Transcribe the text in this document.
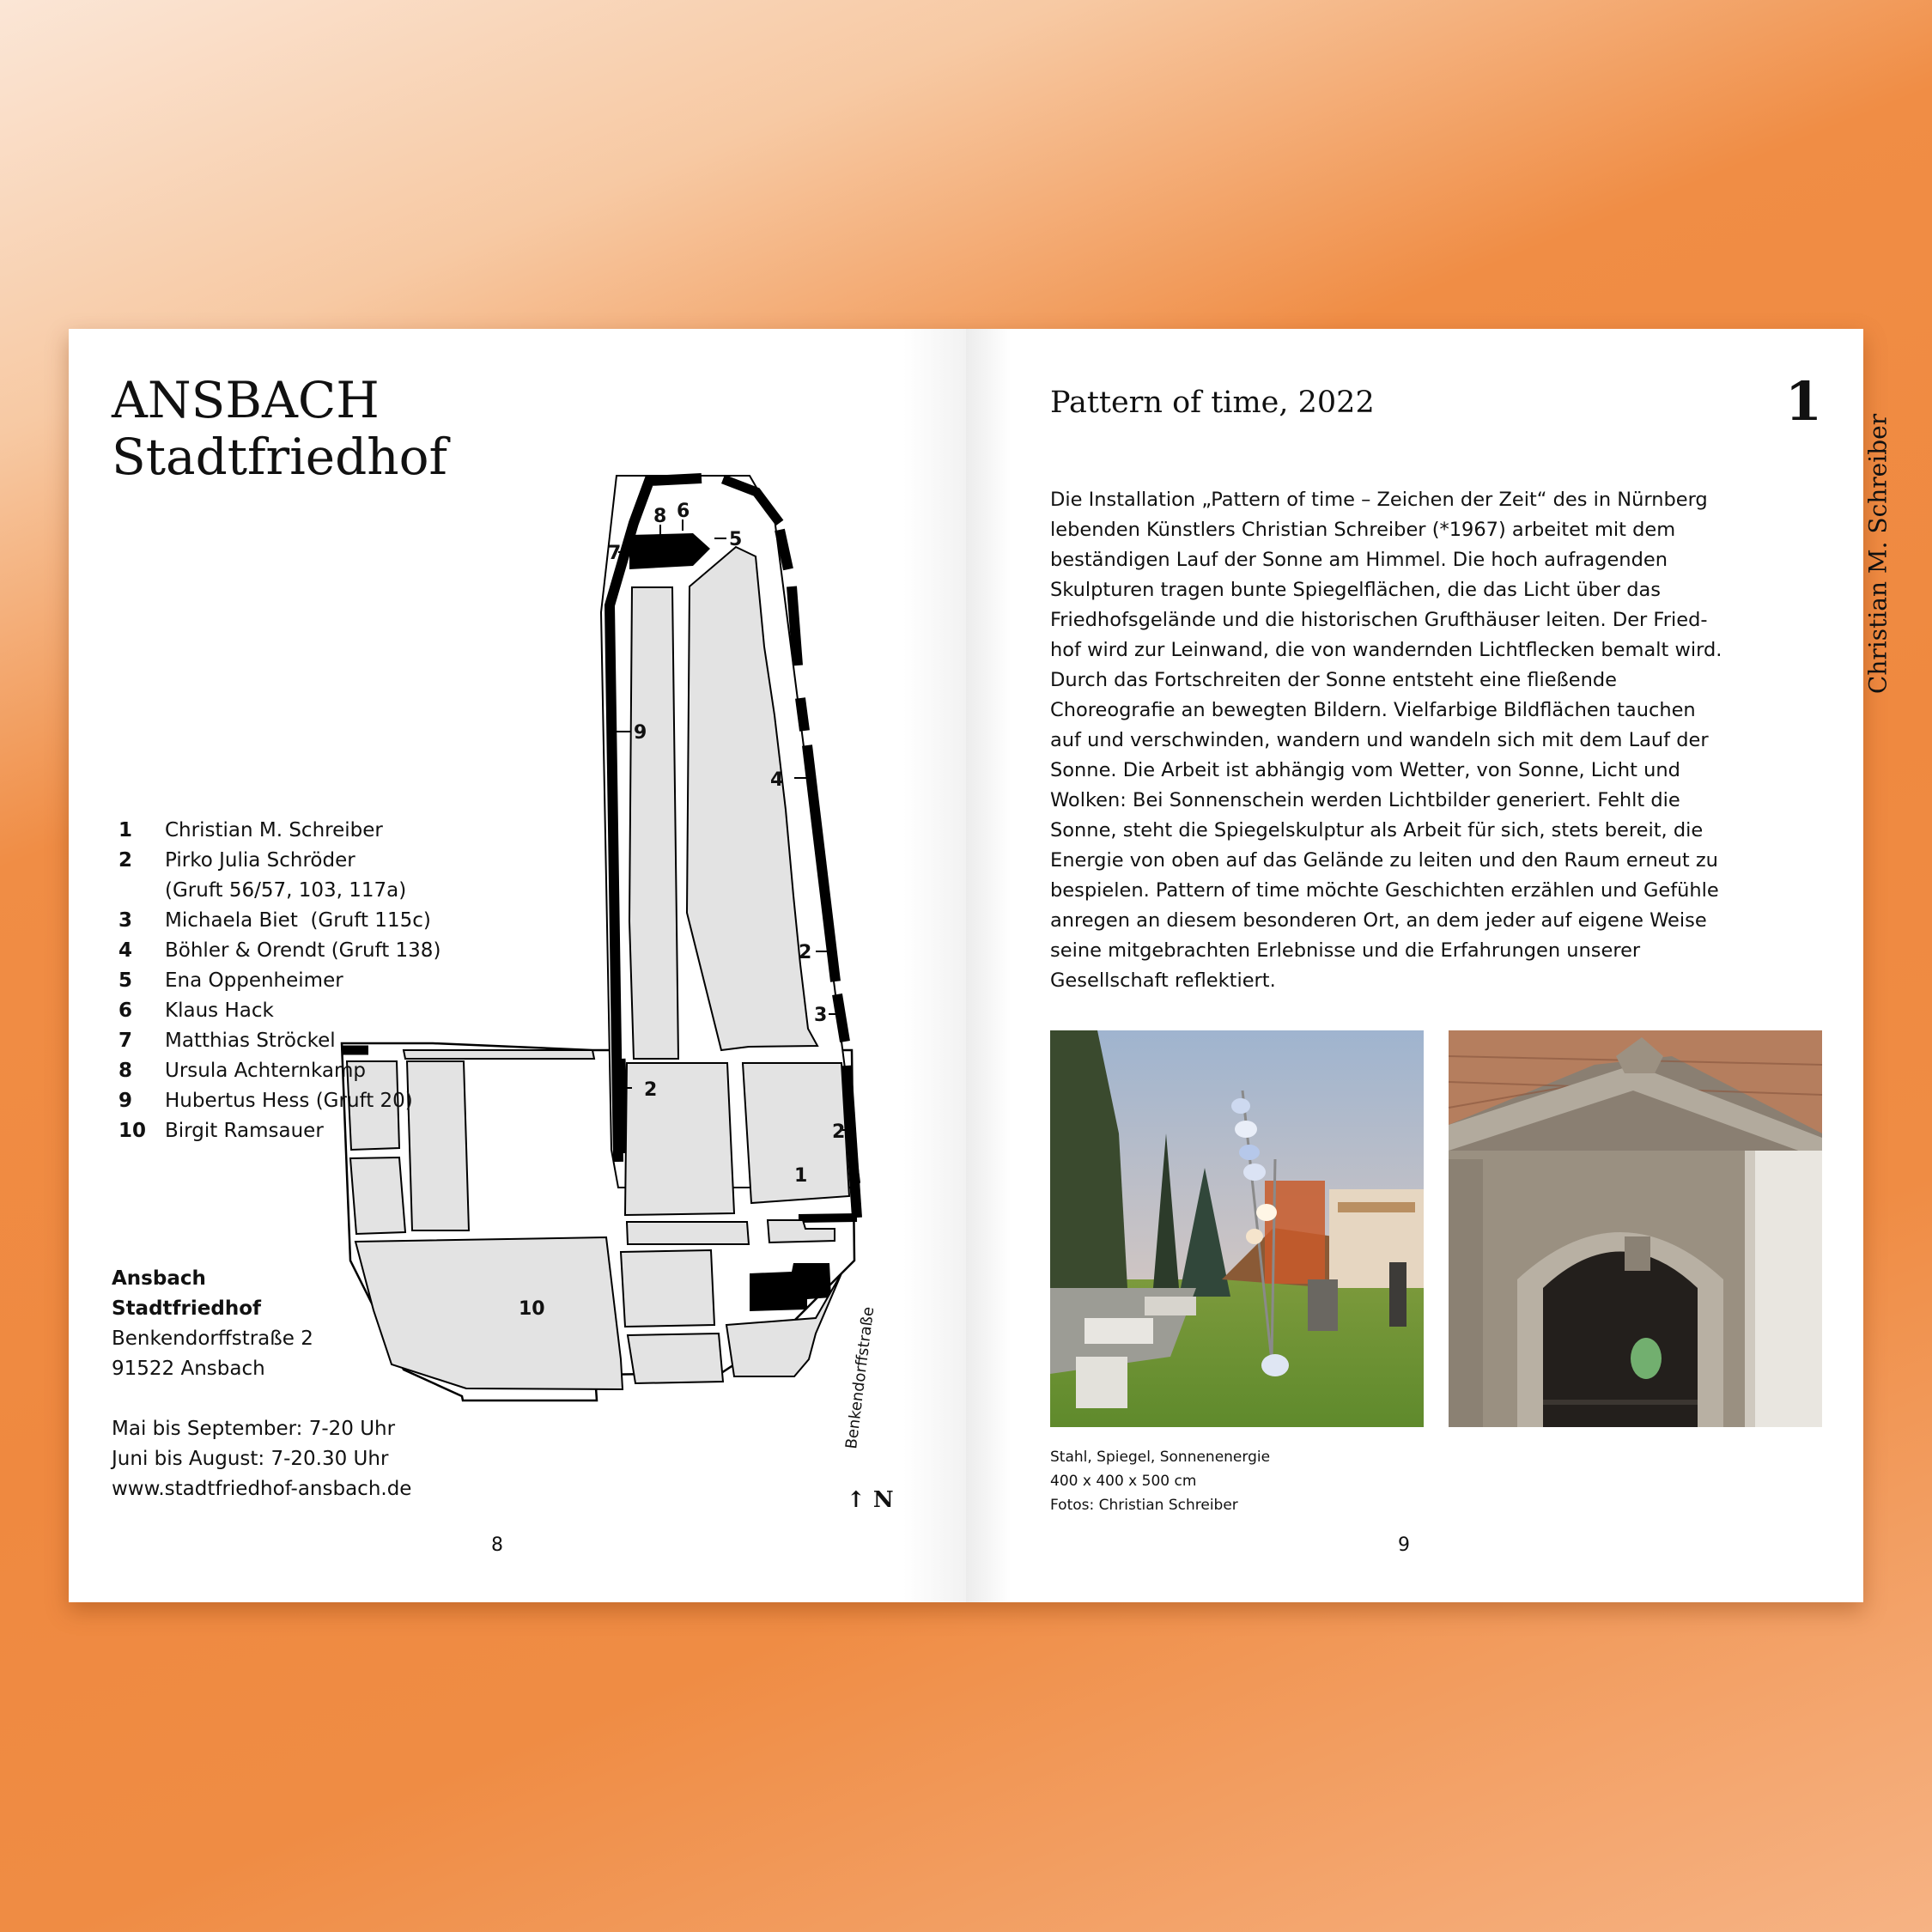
ANSBACH
Stadtfriedhof
8 6
5
7
9
4
2
3
2
2
1
10	Benkendorffstraße
↑ N
1	Christian M. Schreiber
2	Pirko Julia Schröder
(Gruft 56/57, 103, 117a)
3	Michaela Biet  (Gruft 115c)
4	Böhler & Orendt (Gruft 138)
5	Ena Oppenheimer
6	Klaus Hack
7	Matthias Ströckel
8	Ursula Achternkamp
9	Hubertus Hess (Gruft 20)
10 Birgit Ramsauer
Ansbach
Stadtfriedhof
Benkendorffstraße 2
91522 Ansbach
Mai bis September: 7-20 Uhr
Juni bis August: 7-20.30 Uhr
www.stadtfriedhof-ansbach.de
8
Pattern of time, 2022	1
Christian M. Schreiber

Die Installation „Pattern of time – Zeichen der Zeit“ des in Nürnberg lebenden Künstlers Christian Schreiber (*1967) arbeitet mit dem beständigen Lauf der Sonne am Himmel. Die hoch aufragenden Skulpturen tragen bunte Spiegelflächen, die das Licht über das Friedhofsgelände und die historischen Grufthäuser leiten. Der Fried-hof wird zur Leinwand, die von wandernden Lichtflecken bemalt wird. Durch das Fortschreiten der Sonne entsteht eine fließende Choreografie an bewegten Bildern. Vielfarbige Bildflächen tauchen auf und verschwinden, wandern und wandeln sich mit dem Lauf der Sonne. Die Arbeit ist abhängig vom Wetter, von Sonne, Licht und Wolken: Bei Sonnenschein werden Lichtbilder generiert. Fehlt die Sonne, steht die Spiegelskulptur als Arbeit für sich, stets bereit, die Energie von oben auf das Gelände zu leiten und den Raum erneut zu bespielen. Pattern of time möchte Geschichten erzählen und Gefühle anregen an diesem besonderen Ort, an dem jeder auf eigene Weise seine mitgebrachten Erlebnisse und die Erfahrungen unserer Gesellschaft reflektiert.

Stahl, Spiegel, Sonnenenergie
400 x 400 x 500 cm
Fotos: Christian Schreiber
9
